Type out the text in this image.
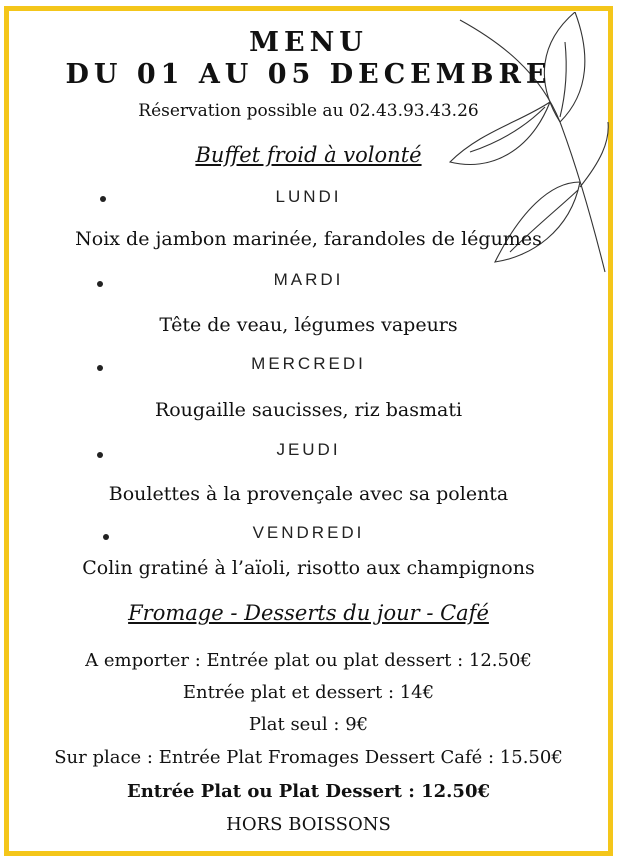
MENU
DU 01 AU 05 DECEMBRE
Réservation possible au 02.43.93.43.26
Buffet froid à volonté
LUNDI
Noix de jambon marinée, farandoles de légumes
MARDI
Tête de veau, légumes vapeurs
MERCREDI
Rougaille saucisses, riz basmati
JEUDI
Boulettes à la provençale avec sa polenta
VENDREDI
Colin gratiné à l’aïoli, risotto aux champignons
Fromage - Desserts du jour - Café
A emporter : Entrée plat ou plat dessert : 12.50€
Entrée plat et dessert : 14€
Plat seul : 9€
Sur place : Entrée Plat Fromages Dessert Café : 15.50€
Entrée Plat ou Plat Dessert : 12.50€
HORS BOISSONS
